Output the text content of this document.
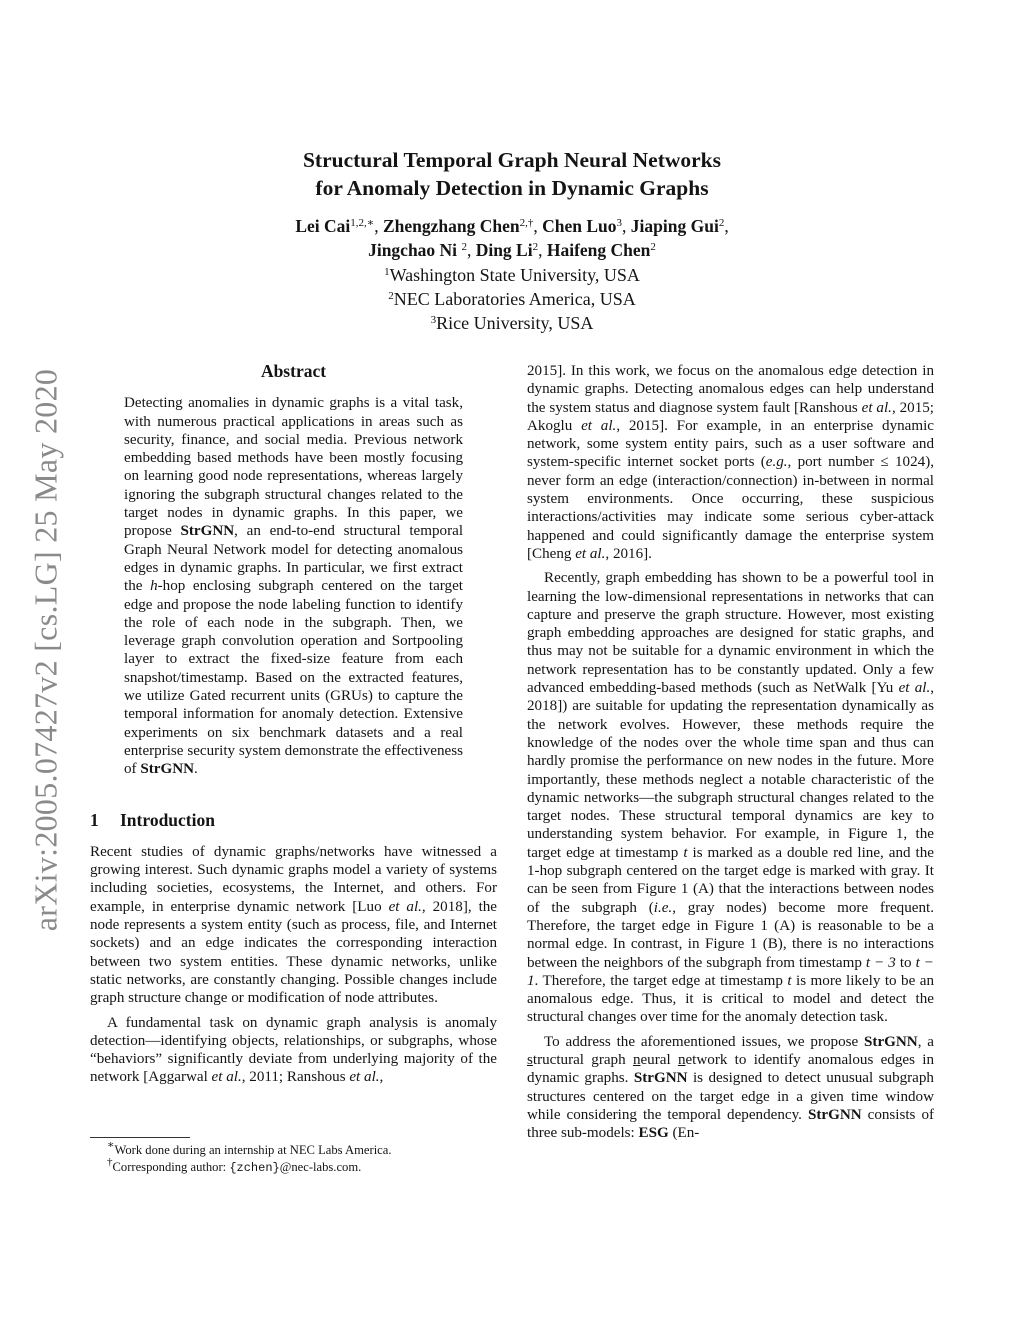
arXiv:2005.07427v2 [cs.LG] 25 May 2020
Structural Temporal Graph Neural Networks
for Anomaly Detection in Dynamic Graphs
Lei Cai$^{1,2,∗}$, Zhengzhang Chen$^{2,\dagger}$, Chen Luo$^3$, Jiaping Gui$^2$,
Jingchao Ni $^2$, Ding Li$^2$, Haifeng Chen$^2$
$^1$Washington State University, USA
$^2$NEC Laboratories America, USA
$^3$Rice University, USA
Abstract

Detecting anomalies in dynamic graphs is a vital task, with numerous practical applications in areas such as security, finance, and social media. Previous network embedding based methods have been mostly focusing on learning good node representations, whereas largely ignoring the subgraph structural changes related to the target nodes in dynamic graphs. In this paper, we propose StrGNN, an end-to-end structural temporal Graph Neural Network model for detecting anomalous edges in dynamic graphs. In particular, we first extract the h-hop enclosing subgraph centered on the target edge and propose the node labeling function to identify the role of each node in the subgraph. Then, we leverage graph convolution operation and Sortpooling layer to extract the fixed-size feature from each snapshot/timestamp. Based on the extracted features, we utilize Gated recurrent units (GRUs) to capture the temporal information for anomaly detection. Extensive experiments on six benchmark datasets and a real enterprise security system demonstrate the effectiveness of StrGNN.

1 Introduction

Recent studies of dynamic graphs/networks have witnessed a growing interest. Such dynamic graphs model a variety of systems including societies, ecosystems, the Internet, and others. For example, in enterprise dynamic network [Luo et al., 2018], the node represents a system entity (such as process, file, and Internet sockets) and an edge indicates the corresponding interaction between two system entities. These dynamic networks, unlike static networks, are constantly changing. Possible changes include graph structure change or modification of node attributes.

A fundamental task on dynamic graph analysis is anomaly detection—identifying objects, relationships, or subgraphs, whose “behaviors” significantly deviate from underlying majority of the network [Aggarwal et al., 2011; Ranshous et al.,

∗Work done during an internship at NEC Labs America.
†Corresponding author: {zchen}@nec-labs.com.

2015]. In this work, we focus on the anomalous edge detection in dynamic graphs. Detecting anomalous edges can help understand the system status and diagnose system fault [Ranshous et al., 2015; Akoglu et al., 2015]. For example, in an enterprise dynamic network, some system entity pairs, such as a user software and system-specific internet socket ports (e.g., port number ≤ 1024), never form an edge (interaction/connection) in-between in normal system environments. Once occurring, these suspicious interactions/activities may indicate some serious cyber-attack happened and could significantly damage the enterprise system [Cheng et al., 2016].

Recently, graph embedding has shown to be a powerful tool in learning the low-dimensional representations in networks that can capture and preserve the graph structure. However, most existing graph embedding approaches are designed for static graphs, and thus may not be suitable for a dynamic environment in which the network representation has to be constantly updated. Only a few advanced embedding-based methods (such as NetWalk [Yu et al., 2018]) are suitable for updating the representation dynamically as the network evolves. However, these methods require the knowledge of the nodes over the whole time span and thus can hardly promise the performance on new nodes in the future. More importantly, these methods neglect a notable characteristic of the dynamic networks—the subgraph structural changes related to the target nodes. These structural temporal dynamics are key to understanding system behavior. For example, in Figure 1, the target edge at timestamp t is marked as a double red line, and the 1-hop subgraph centered on the target edge is marked with gray. It can be seen from Figure 1 (A) that the interactions between nodes of the subgraph (i.e., gray nodes) become more frequent. Therefore, the target edge in Figure 1 (A) is reasonable to be a normal edge. In contrast, in Figure 1 (B), there is no interactions between the neighbors of the subgraph from timestamp t − 3 to t − 1. Therefore, the target edge at timestamp t is more likely to be an anomalous edge. Thus, it is critical to model and detect the structural changes over time for the anomaly detection task.

To address the aforementioned issues, we propose StrGNN, a structural graph neural network to identify anomalous edges in dynamic graphs. StrGNN is designed to detect unusual subgraph structures centered on the target edge in a given time window while considering the temporal dependency. StrGNN consists of three sub-models: ESG (En-
